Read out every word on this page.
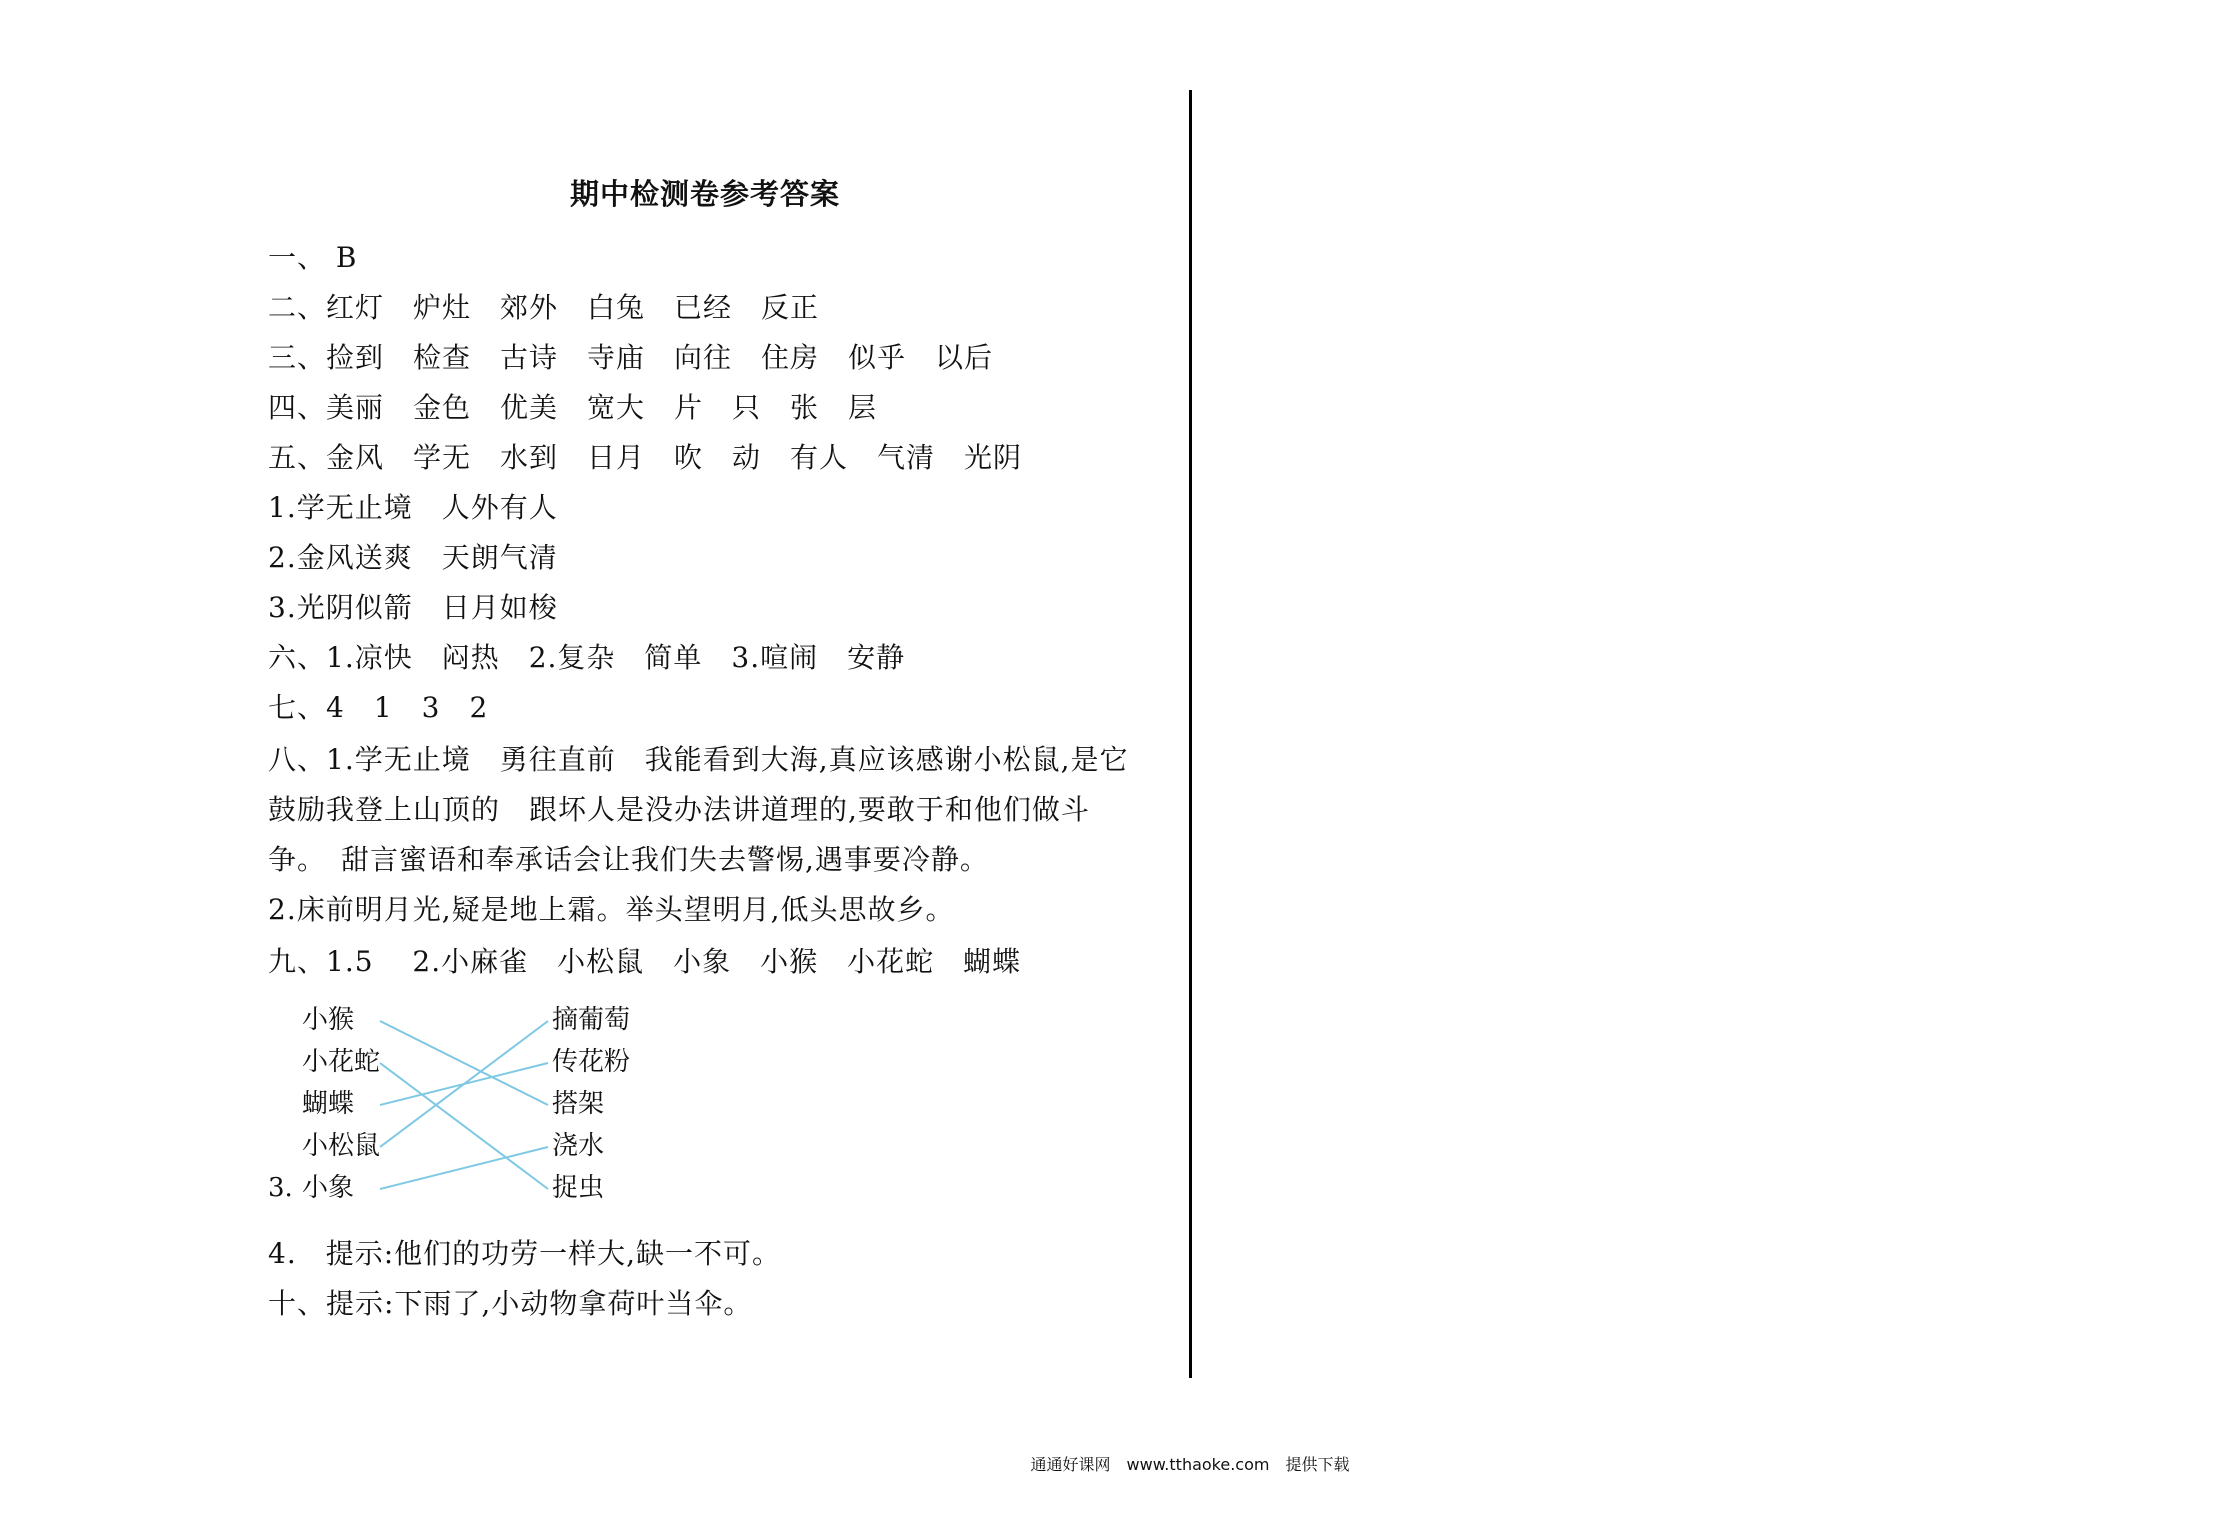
期中检测卷参考答案
一、 B
二、红灯　炉灶　郊外　白兔　已经　反正
三、捡到　检查　古诗　寺庙　向往　住房　似乎　以后
四、美丽　金色　优美　宽大　片　只　张　层
五、金风　学无　水到　日月　吹　动　有人　气清　光阴
1.学无止境　人外有人
2.金风送爽　天朗气清
3.光阴似箭　日月如梭
六、1.凉快　闷热　2.复杂　简单　3.喧闹　安静
七、4　1　3　2
八、1.学无止境　勇往直前　我能看到大海,真应该感谢小松鼠,是它
鼓励我登上山顶的　跟坏人是没办法讲道理的,要敢于和他们做斗
争。　甜言蜜语和奉承话会让我们失去警惕,遇事要冷静。
2.床前明月光,疑是地上霜。举头望明月,低头思故乡。
九、1.5　 2.小麻雀　小松鼠　小象　小猴　小花蛇　蝴蝶
3.
小猴
小花蛇
蝴蝶
小松鼠
小象
摘葡萄
传花粉
搭架
浇水
捉虫
4.　提示:他们的功劳一样大,缺一不可。
十、提示:下雨了,小动物拿荷叶当伞。
通通好课网　www.tthaoke.com　提供下载
